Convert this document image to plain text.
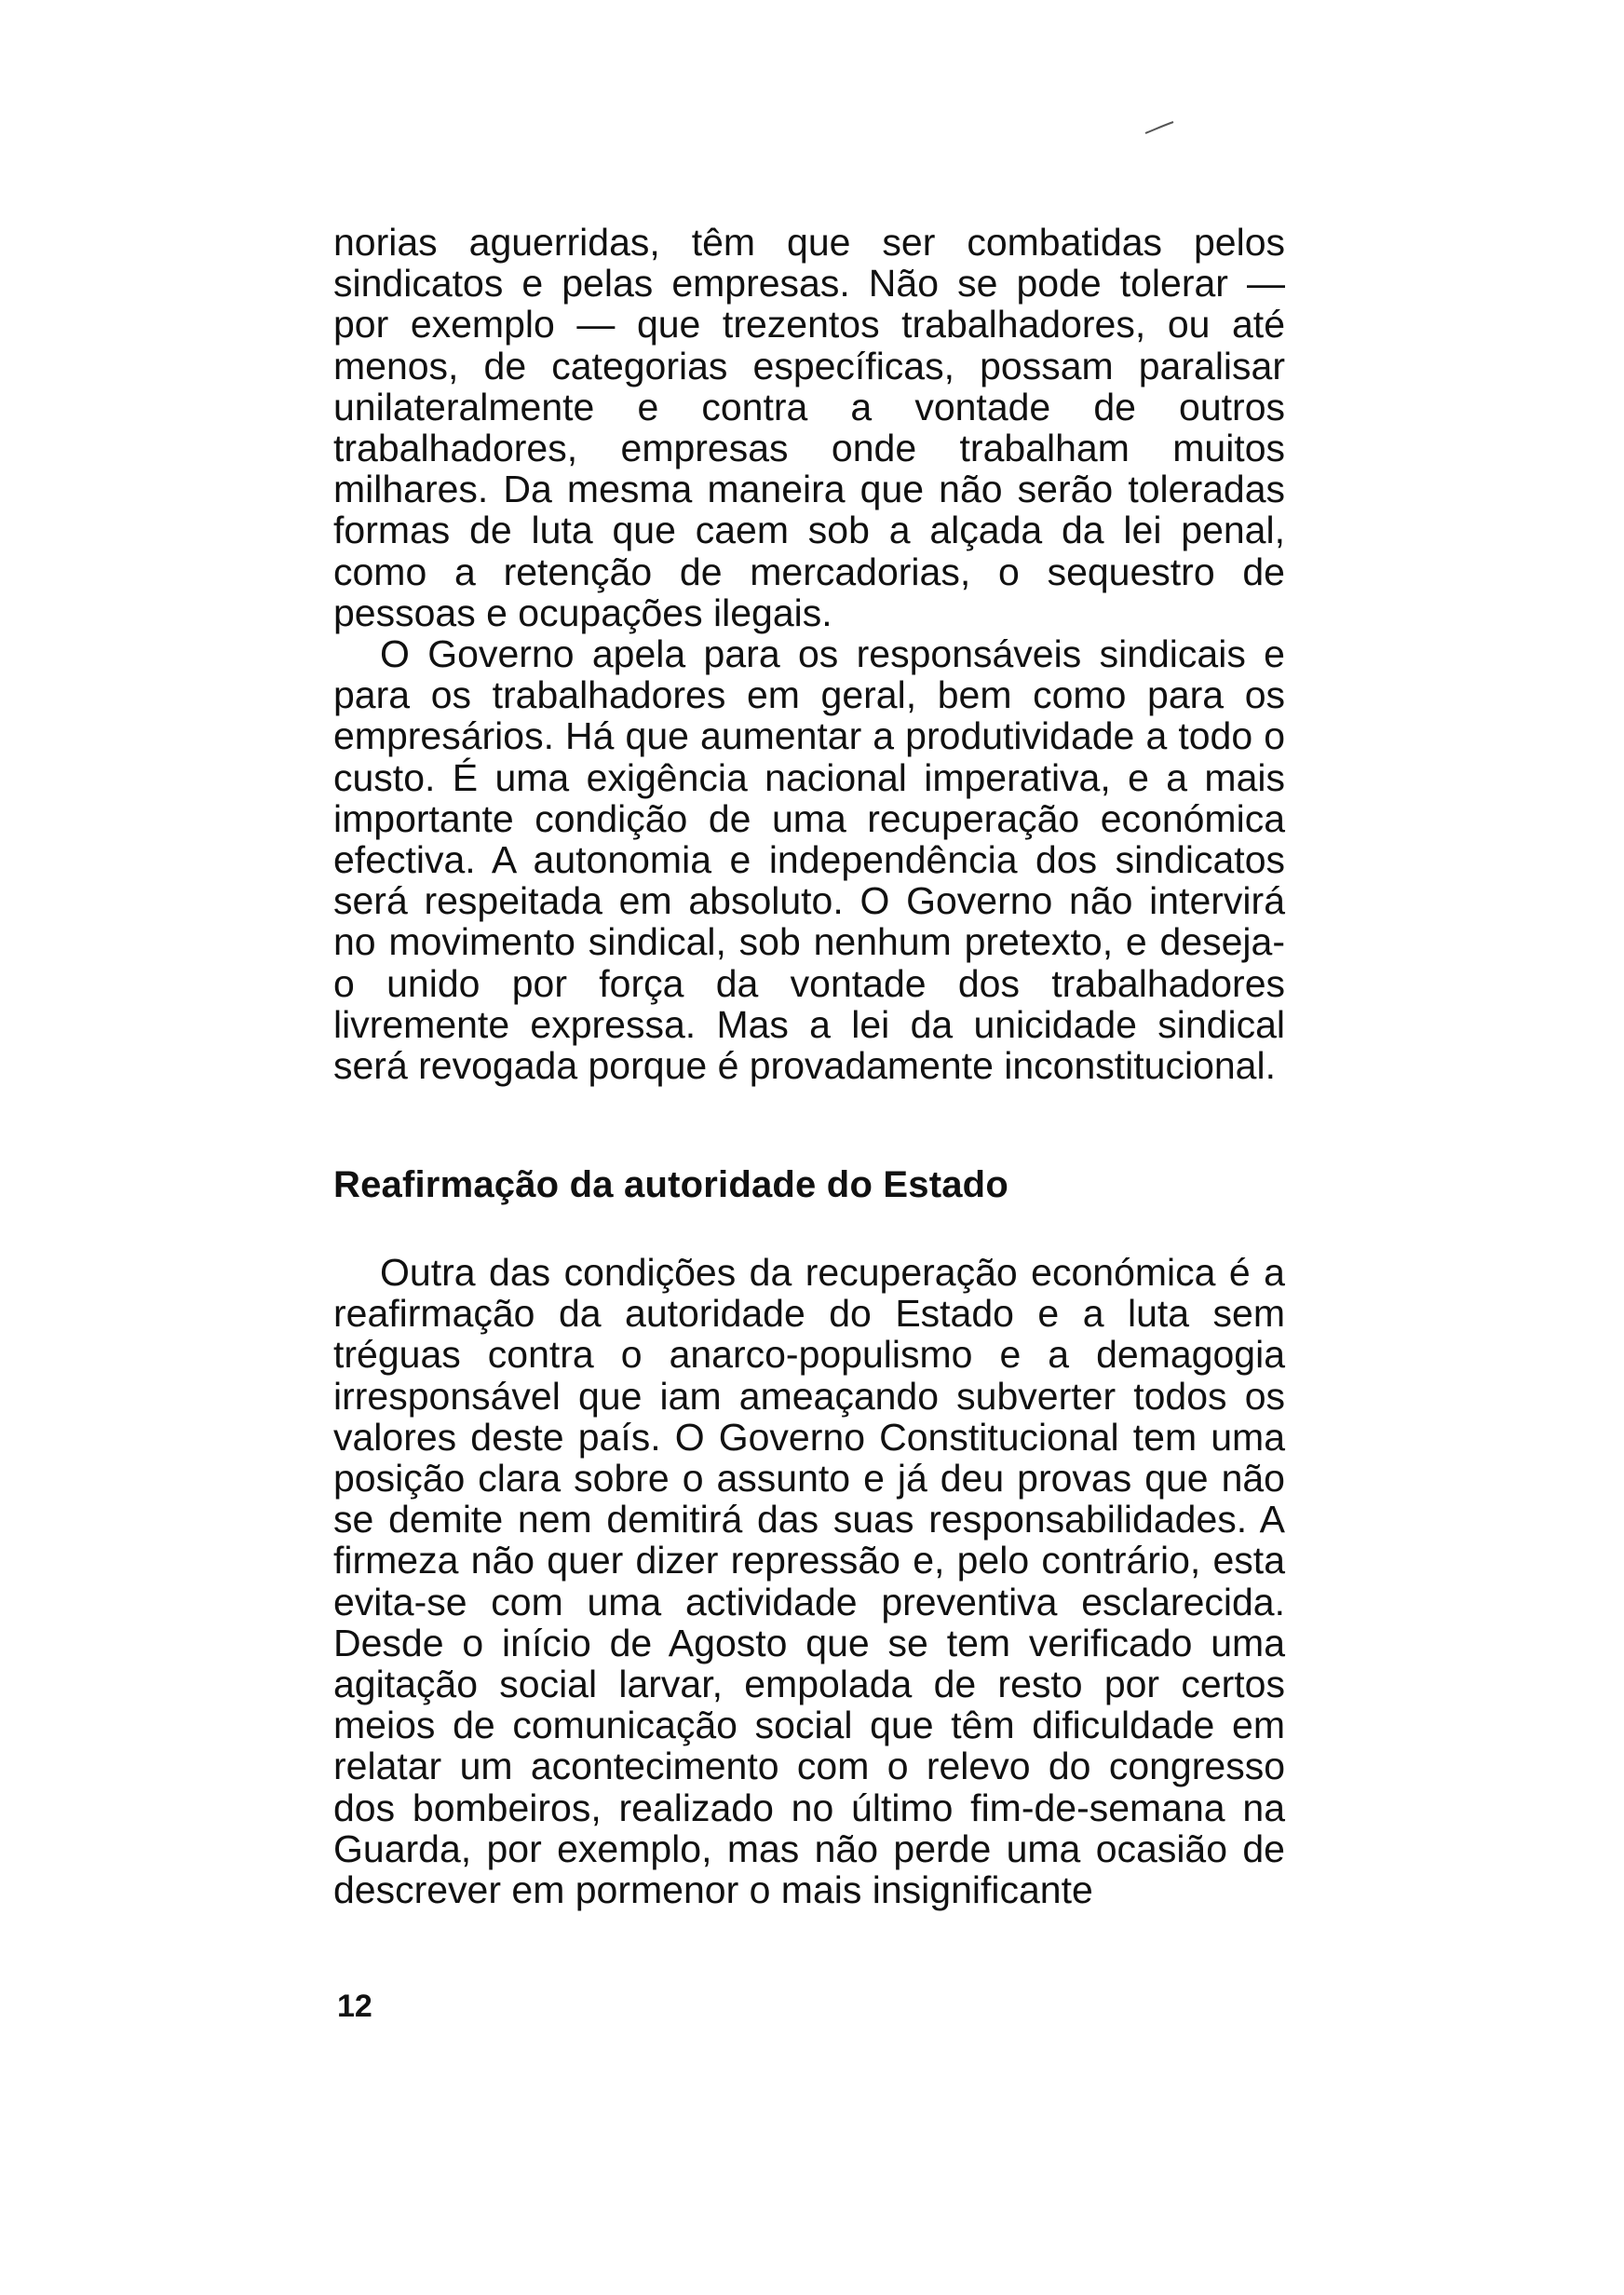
norias aguerridas, têm que ser combatidas pelos sindicatos e pelas empresas. Não se pode tolerar — por exemplo — que trezentos trabalhadores, ou até menos, de categorias específicas, possam paralisar unilateralmente e contra a vontade de outros trabalhadores, empresas onde trabalham muitos milhares. Da mesma maneira que não serão toleradas formas de luta que caem sob a alçada da lei penal, como a retenção de mercadorias, o sequestro de pessoas e ocupações ilegais.

O Governo apela para os responsáveis sindicais e para os trabalhadores em geral, bem como para os empresários. Há que aumentar a produtividade a todo o custo. É uma exigência nacional imperativa, e a mais importante condição de uma recuperação económica efectiva. A autonomia e independência dos sindicatos será respeitada em absoluto. O Governo não intervirá no movimento sindical, sob nenhum pretexto, e deseja-o unido por força da vontade dos trabalhadores livremente expressa. Mas a lei da unicidade sindical será revogada porque é provadamente inconstitucional.

Reafirmação da autoridade do Estado

Outra das condições da recuperação económica é a reafirmação da autoridade do Estado e a luta sem tréguas contra o anarco-populismo e a demagogia irresponsável que iam ameaçando subverter todos os valores deste país. O Governo Constitucional tem uma posição clara sobre o assunto e já deu provas que não se demite nem demitirá das suas responsabilidades. A firmeza não quer dizer repressão e, pelo contrário, esta evita-se com uma actividade preventiva esclarecida. Desde o início de Agosto que se tem verificado uma agitação social larvar, empolada de resto por certos meios de comunicação social que têm dificuldade em relatar um acontecimento com o relevo do congresso dos bombeiros, realizado no último fim-de-semana na Guarda, por exemplo, mas não perde uma ocasião de descrever em pormenor o mais insignificante

12
